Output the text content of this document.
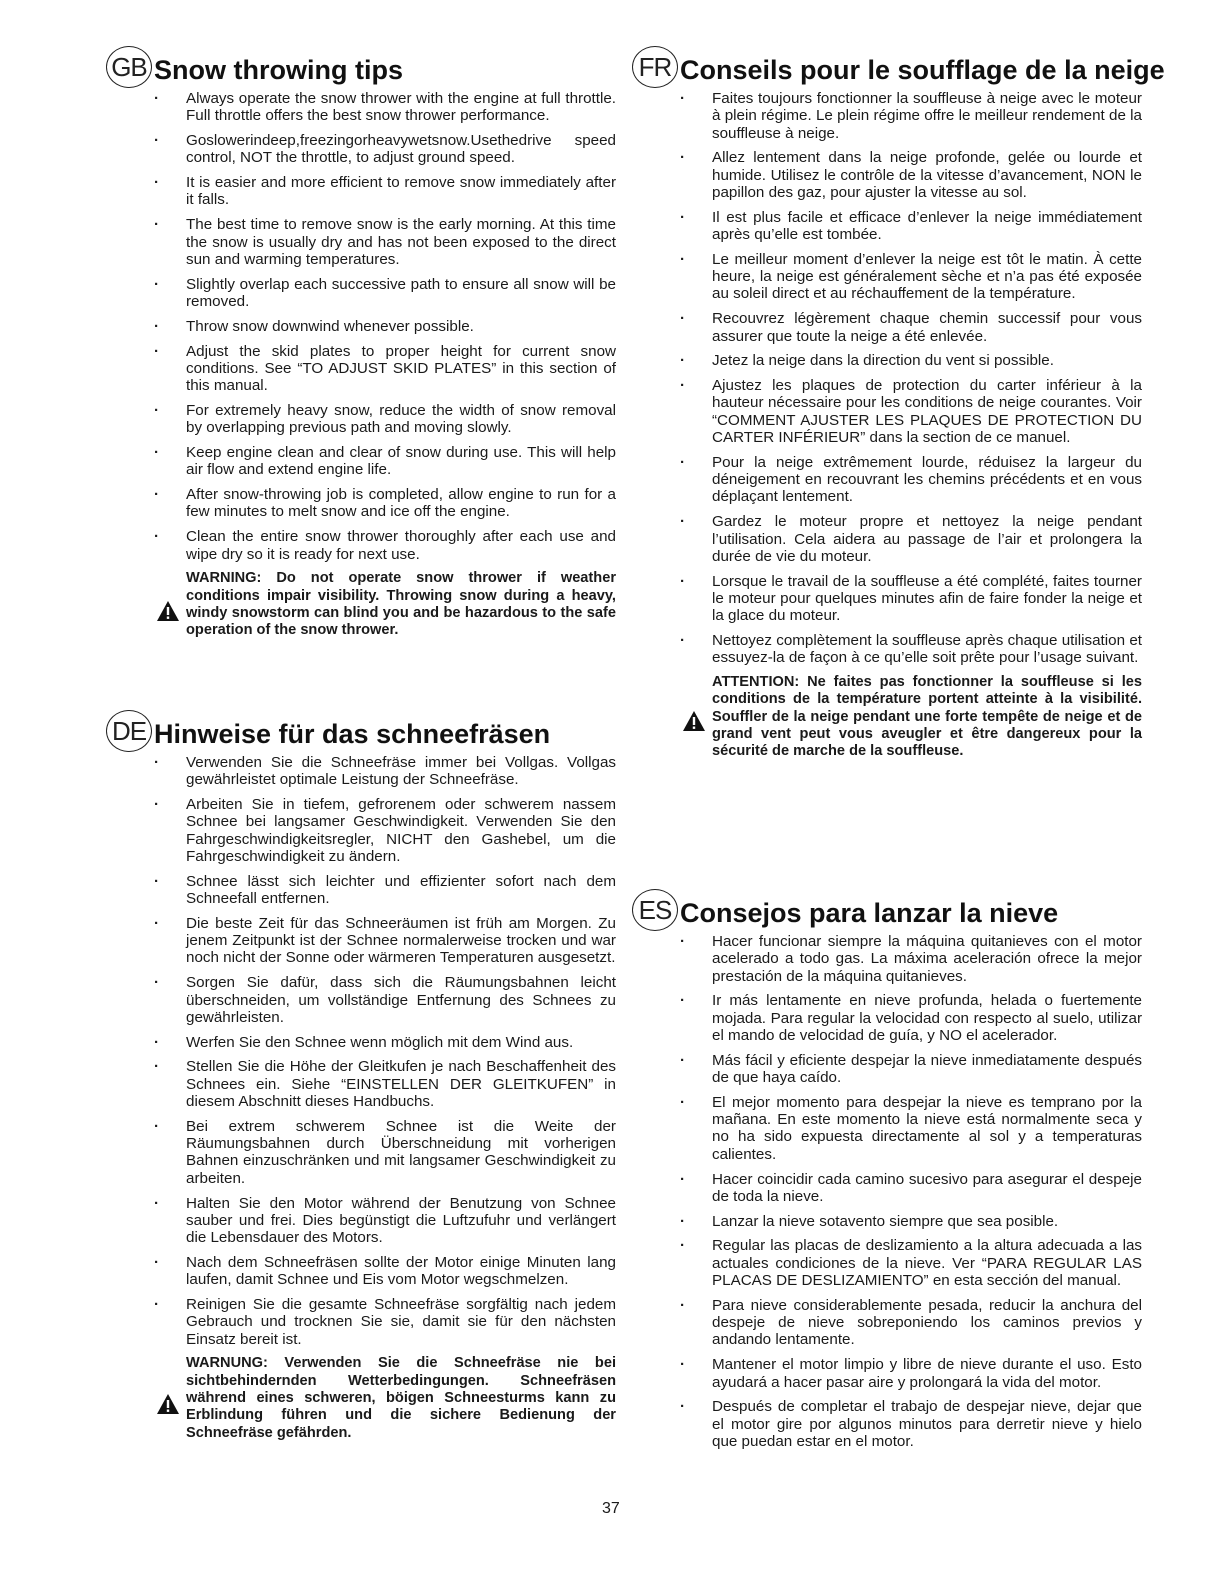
GB Snow throwing tips
· Always operate the snow thrower with the engine at full throttle. Full throttle offers the best snow thrower performance.
· Goslowerindeep,freezingorheavywetsnow.Usethedrive speed control, NOT the throttle, to adjust ground speed.
· It is easier and more efficient to remove snow immediately after it falls.
· The best time to remove snow is the early morning. At this time the snow is usually dry and has not been exposed to the direct sun and warming temperatures.
· Slightly overlap each successive path to ensure all snow will be removed.
· Throw snow downwind whenever possible.
· Adjust the skid plates to proper height for current snow conditions. See “TO ADJUST SKID PLATES” in this section of this manual.
· For extremely heavy snow, reduce the width of snow removal by overlapping previous path and moving slowly.
· Keep engine clean and clear of snow during use. This will help air flow and extend engine life.
· After snow-throwing job is completed, allow engine to run for a few minutes to melt snow and ice off the engine.
· Clean the entire snow thrower thoroughly after each use and wipe dry so it is ready for next use.
WARNING: Do not operate snow thrower if weather conditions impair visibility. Throwing snow during a heavy, windy snowstorm can blind you and be hazardous to the safe operation of the snow thrower.
DE Hinweise für das schneefräsen
· Verwenden Sie die Schneefräse immer bei Vollgas. Vollgas gewährleistet optimale Leistung der Schneefräse.
· Arbeiten Sie in tiefem, gefrorenem oder schwerem nassem Schnee bei langsamer Geschwindigkeit. Verwenden Sie den Fahrgeschwindigkeitsregler, NICHT den Gashebel, um die Fahrgeschwindigkeit zu ändern.
· Schnee lässt sich leichter und effizienter sofort nach dem Schneefall entfernen.
· Die beste Zeit für das Schneeräumen ist früh am Morgen. Zu jenem Zeitpunkt ist der Schnee normalerweise trocken und war noch nicht der Sonne oder wärmeren Temperaturen ausgesetzt.
· Sorgen Sie dafür, dass sich die Räumungsbahnen leicht überschneiden, um vollständige Entfernung des Schnees zu gewährleisten.
· Werfen Sie den Schnee wenn möglich mit dem Wind aus.
· Stellen Sie die Höhe der Gleitkufen je nach Beschaffenheit des Schnees ein. Siehe “EINSTELLEN DER GLEITKUFEN” in diesem Abschnitt dieses Handbuchs.
· Bei extrem schwerem Schnee ist die Weite der Räumungsbahnen durch Überschneidung mit vorherigen Bahnen einzuschränken und mit langsamer Geschwindigkeit zu arbeiten.
· Halten Sie den Motor während der Benutzung von Schnee sauber und frei. Dies begünstigt die Luftzufuhr und verlängert die Lebensdauer des Motors.
· Nach dem Schneefräsen sollte der Motor einige Minuten lang laufen, damit Schnee und Eis vom Motor wegschmelzen.
· Reinigen Sie die gesamte Schneefräse sorgfältig nach jedem Gebrauch und trocknen Sie sie, damit sie für den nächsten Einsatz bereit ist.
WARNUNG: Verwenden Sie die Schneefräse nie bei sichtbehindernden Wetterbedingungen. Schneefräsen während eines schweren, böigen Schneesturms kann zu Erblindung führen und die sichere Bedienung der Schneefräse gefährden.
FR Conseils pour le soufflage de la neige
· Faites toujours fonctionner la souffleuse à neige avec le moteur à plein régime. Le plein régime offre le meilleur rendement de la souffleuse à neige.
· Allez lentement dans la neige profonde, gelée ou lourde et humide. Utilisez le contrôle de la vitesse d’avancement, NON le papillon des gaz, pour ajuster la vitesse au sol.
· Il est plus facile et efficace d’enlever la neige immédiatement après qu’elle est tombée.
· Le meilleur moment d’enlever la neige est tôt le matin. À cette heure, la neige est généralement sèche et n’a pas été exposée au soleil direct et au réchauffement de la température.
· Recouvrez légèrement chaque chemin successif pour vous assurer que toute la neige a été enlevée.
· Jetez la neige dans la direction du vent si possible.
· Ajustez les plaques de protection du carter inférieur à la hauteur nécessaire pour les conditions de neige courantes. Voir “COMMENT AJUSTER LES PLAQUES DE PROTECTION DU CARTER INFÉRIEUR” dans la section de ce manuel.
· Pour la neige extrêmement lourde, réduisez la largeur du déneigement en recouvrant les chemins précédents et en vous déplaçant lentement.
· Gardez le moteur propre et nettoyez la neige pendant l’utilisation. Cela aidera au passage de l’air et prolongera la durée de vie du moteur.
· Lorsque le travail de la souffleuse a été complété, faites tourner le moteur pour quelques minutes afin de faire fonder la neige et la glace du moteur.
· Nettoyez complètement la souffleuse après chaque utilisation et essuyez-la de façon à ce qu’elle soit prête pour l’usage suivant.
ATTENTION: Ne faites pas fonctionner la souffleuse si les conditions de la température portent atteinte à la visibilité. Souffler de la neige pendant une forte tempête de neige et de grand vent peut vous aveugler et être dangereux pour la sécurité de marche de la souffleuse.
ES Consejos para lanzar la nieve
· Hacer funcionar siempre la máquina quitanieves con el motor acelerado a todo gas. La máxima aceleración ofrece la mejor prestación de la máquina quitanieves.
· Ir más lentamente en nieve profunda, helada o fuertemente mojada. Para regular la velocidad con respecto al suelo, utilizar el mando de velocidad de guía, y NO el acelerador.
· Más fácil y eficiente despejar la nieve inmediatamente después de que haya caído.
· El mejor momento para despejar la nieve es temprano por la mañana. En este momento la nieve está normalmente seca y no ha sido expuesta directamente al sol y a temperaturas calientes.
· Hacer coincidir cada camino sucesivo para asegurar el despeje de toda la nieve.
· Lanzar la nieve sotavento siempre que sea posible.
· Regular las placas de deslizamiento a la altura adecuada a las actuales condiciones de la nieve. Ver “PARA REGULAR LAS PLACAS DE DESLIZAMIENTO” en esta sección del manual.
· Para nieve considerablemente pesada, reducir la anchura del despeje de nieve sobreponiendo los caminos previos y andando lentamente.
· Mantener el motor limpio y libre de nieve durante el uso. Esto ayudará a hacer pasar aire y prolongará la vida del motor.
· Después de completar el trabajo de despejar nieve, dejar que el motor gire por algunos minutos para derretir nieve y hielo que puedan estar en el motor.
37
